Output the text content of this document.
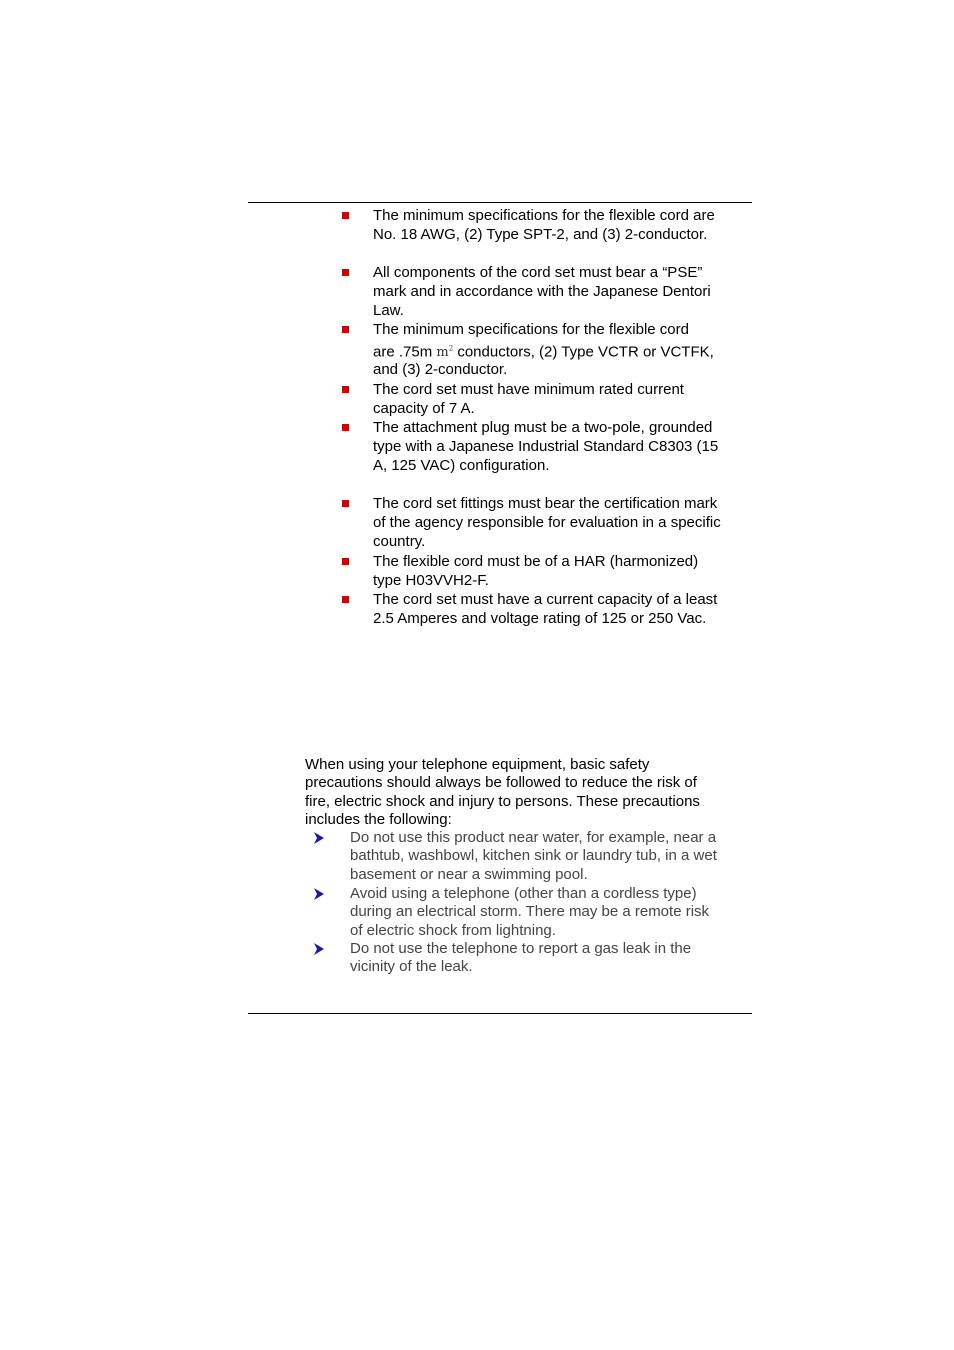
The minimum specifications for the flexible cord are
No. 18 AWG, (2) Type SPT-2, and (3) 2-conductor.
All components of the cord set must bear a “PSE”
mark and in accordance with the Japanese Dentori
Law.
The minimum specifications for the flexible cord
are .75m $m^2$ conductors, (2) Type VCTR or VCTFK,
and (3) 2-conductor.
The cord set must have minimum rated current
capacity of 7 A.
The attachment plug must be a two-pole, grounded
type with a Japanese Industrial Standard C8303 (15
A, 125 VAC) configuration.
The cord set fittings must bear the certification mark
of the agency responsible for evaluation in a specific
country.
The flexible cord must be of a HAR (harmonized)
type H03VVH2-F.
The cord set must have a current capacity of a least
2.5 Amperes and voltage rating of 125 or 250 Vac.
When using your telephone equipment, basic safety
precautions should always be followed to reduce the risk of
fire, electric shock and injury to persons. These precautions
includes the following:
Do not use this product near water, for example, near a
bathtub, washbowl, kitchen sink or laundry tub, in a wet
basement or near a swimming pool.
Avoid using a telephone (other than a cordless type)
during an electrical storm. There may be a remote risk
of electric shock from lightning.
Do not use the telephone to report a gas leak in the
vicinity of the leak.
